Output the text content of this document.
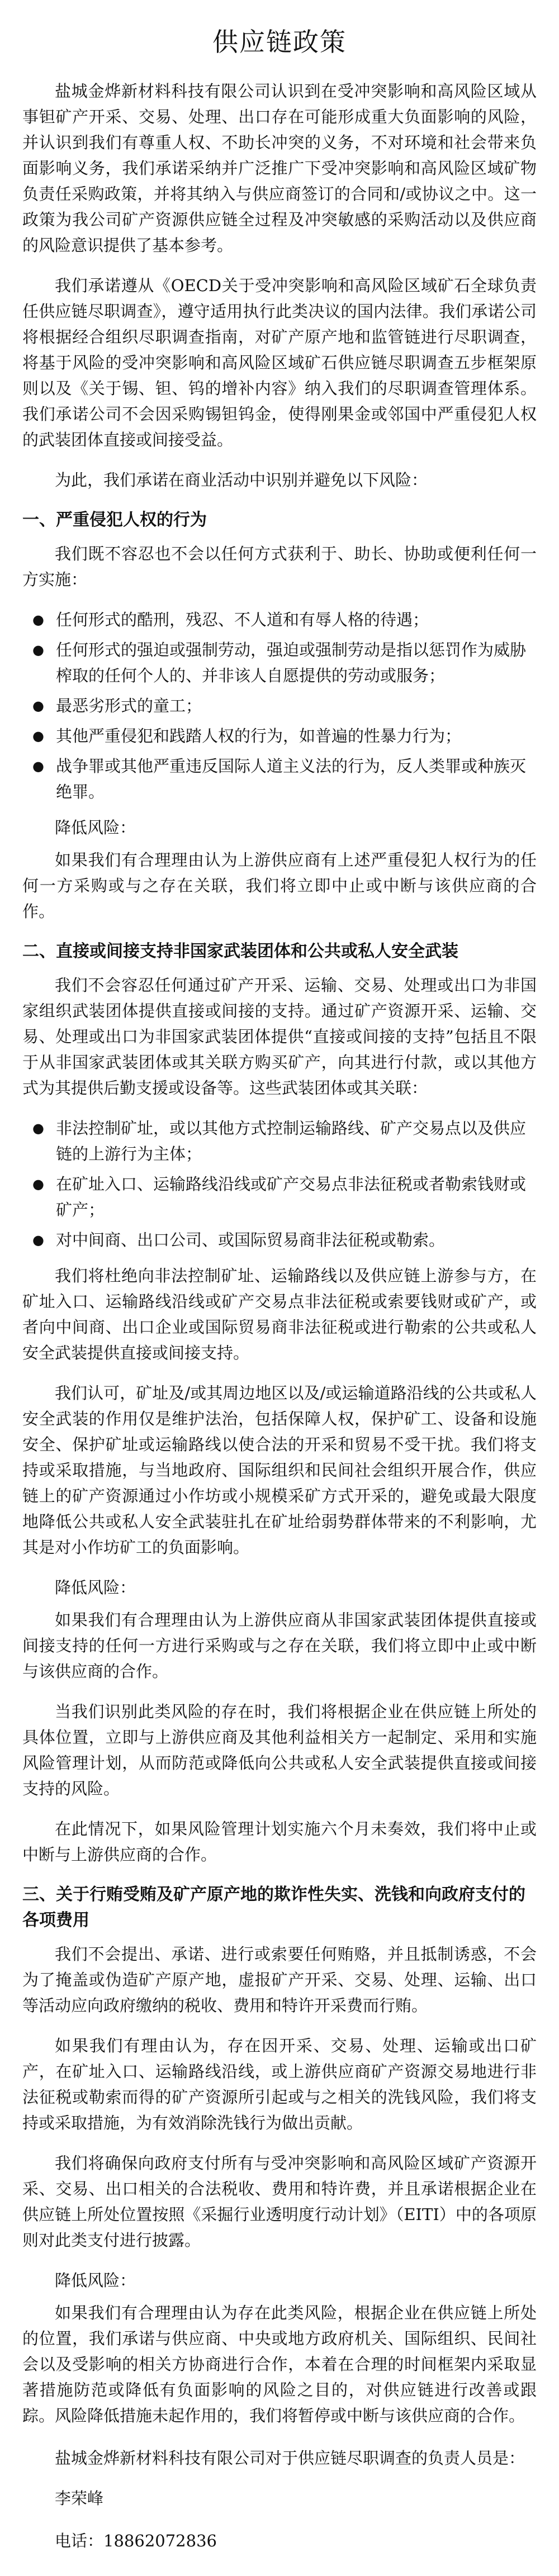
供应链政策

盐城金烨新材料科技有限公司认识到在受冲突影响和高风险区域从事钽矿产开采、交易、处理、出口存在可能形成重大负面影响的风险，并认识到我们有尊重人权、不助长冲突的义务，不对环境和社会带来负面影响义务，我们承诺采纳并广泛推广下受冲突影响和高风险区域矿物负责任采购政策，并将其纳入与供应商签订的合同和/或协议之中。这一政策为我公司矿产资源供应链全过程及冲突敏感的采购活动以及供应商的风险意识提供了基本参考。

我们承诺遵从《OECD关于受冲突影响和高风险区域矿石全球负责任供应链尽职调查》，遵守适用执行此类决议的国内法律。我们承诺公司将根据经合组织尽职调查指南，对矿产原产地和监管链进行尽职调查，将基于风险的受冲突影响和高风险区域矿石供应链尽职调查五步框架原则以及《关于锡、钽、钨的增补内容》纳入我们的尽职调查管理体系。我们承诺公司不会因采购锡钽钨金，使得刚果金或邻国中严重侵犯人权的武装团体直接或间接受益。

为此，我们承诺在商业活动中识别并避免以下风险：

一、严重侵犯人权的行为

我们既不容忍也不会以任何方式获利于、助长、协助或便利任何一方实施：

● 任何形式的酷刑，残忍、不人道和有辱人格的待遇；
● 任何形式的强迫或强制劳动，强迫或强制劳动是指以惩罚作为威胁榨取的任何个人的、并非该人自愿提供的劳动或服务；
● 最恶劣形式的童工；
● 其他严重侵犯和践踏人权的行为，如普遍的性暴力行为；
● 战争罪或其他严重违反国际人道主义法的行为，反人类罪或种族灭绝罪。

降低风险：

如果我们有合理理由认为上游供应商有上述严重侵犯人权行为的任何一方采购或与之存在关联，我们将立即中止或中断与该供应商的合作。

二、直接或间接支持非国家武装团体和公共或私人安全武装

我们不会容忍任何通过矿产开采、运输、交易、处理或出口为非国家组织武装团体提供直接或间接的支持。通过矿产资源开采、运输、交易、处理或出口为非国家武装团体提供“直接或间接的支持”包括且不限于从非国家武装团体或其关联方购买矿产，向其进行付款，或以其他方式为其提供后勤支援或设备等。这些武装团体或其关联：

● 非法控制矿址，或以其他方式控制运输路线、矿产交易点以及供应链的上游行为主体；
● 在矿址入口、运输路线沿线或矿产交易点非法征税或者勒索钱财或矿产；
● 对中间商、出口公司、或国际贸易商非法征税或勒索。

我们将杜绝向非法控制矿址、运输路线以及供应链上游参与方，在矿址入口、运输路线沿线或矿产交易点非法征税或索要钱财或矿产，或者向中间商、出口企业或国际贸易商非法征税或进行勒索的公共或私人安全武装提供直接或间接支持。

我们认可，矿址及/或其周边地区以及/或运输道路沿线的公共或私人安全武装的作用仅是维护法治，包括保障人权，保护矿工、设备和设施安全、保护矿址或运输路线以使合法的开采和贸易不受干扰。我们将支持或采取措施，与当地政府、国际组织和民间社会组织开展合作，供应链上的矿产资源通过小作坊或小规模采矿方式开采的，避免或最大限度地降低公共或私人安全武装驻扎在矿址给弱势群体带来的不利影响，尤其是对小作坊矿工的负面影响。

降低风险：

如果我们有合理理由认为上游供应商从非国家武装团体提供直接或间接支持的任何一方进行采购或与之存在关联，我们将立即中止或中断与该供应商的合作。

当我们识别此类风险的存在时，我们将根据企业在供应链上所处的具体位置，立即与上游供应商及其他利益相关方一起制定、采用和实施风险管理计划，从而防范或降低向公共或私人安全武装提供直接或间接支持的风险。

在此情况下，如果风险管理计划实施六个月未奏效，我们将中止或中断与上游供应商的合作。

三、关于行贿受贿及矿产原产地的欺诈性失实、洗钱和向政府支付的各项费用

我们不会提出、承诺、进行或索要任何贿赂，并且抵制诱惑，不会为了掩盖或伪造矿产原产地，虚报矿产开采、交易、处理、运输、出口等活动应向政府缴纳的税收、费用和特许开采费而行贿。

如果我们有理由认为，存在因开采、交易、处理、运输或出口矿产，在矿址入口、运输路线沿线，或上游供应商矿产资源交易地进行非法征税或勒索而得的矿产资源所引起或与之相关的洗钱风险，我们将支持或采取措施，为有效消除洗钱行为做出贡献。

我们将确保向政府支付所有与受冲突影响和高风险区域矿产资源开采、交易、出口相关的合法税收、费用和特许费，并且承诺根据企业在供应链上所处位置按照《采掘行业透明度行动计划》（EITI）中的各项原则对此类支付进行披露。

降低风险：

如果我们有合理理由认为存在此类风险，根据企业在供应链上所处的位置，我们承诺与供应商、中央或地方政府机关、国际组织、民间社会以及受影响的相关方协商进行合作，本着在合理的时间框架内采取显著措施防范或降低有负面影响的风险之目的，对供应链进行改善或跟踪。风险降低措施未起作用的，我们将暂停或中断与该供应商的合作。

盐城金烨新材料科技有限公司对于供应链尽职调查的负责人员是：

李荣峰

电话：18862072836
